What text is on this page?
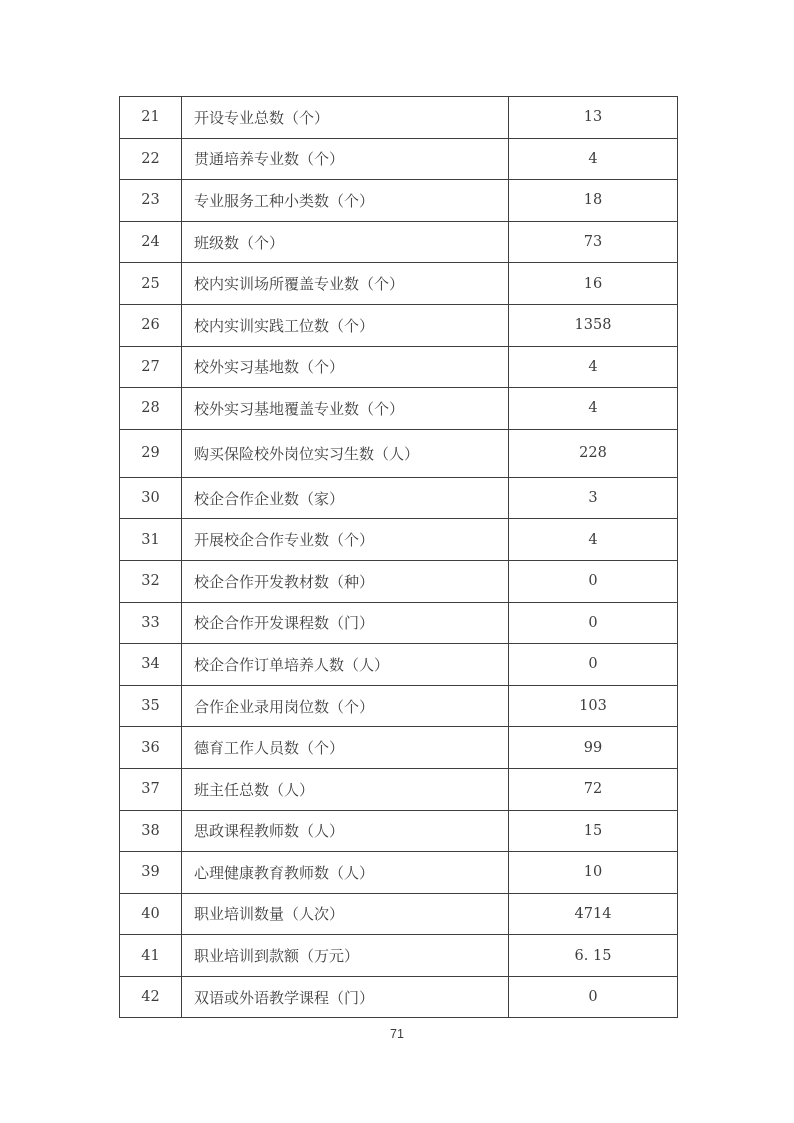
21	开设专业总数（个）	13
22	贯通培养专业数（个）	4
23	专业服务工种小类数（个）	18
24	班级数（个）	73
25	校内实训场所覆盖专业数（个）	16
26	校内实训实践工位数（个）	1358
27	校外实习基地数（个）	4
28	校外实习基地覆盖专业数（个）	4
29	购买保险校外岗位实习生数（人）	228
30	校企合作企业数（家）	3
31	开展校企合作专业数（个）	4
32	校企合作开发教材数（种）	0
33	校企合作开发课程数（门）	0
34	校企合作订单培养人数（人）	0
35	合作企业录用岗位数（个）	103
36	德育工作人员数（个）	99
37	班主任总数（人）	72
38	思政课程教师数（人）	15
39	心理健康教育教师数（人）	10
40	职业培训数量（人次）	4714
41	职业培训到款额（万元）	6. 15
42	双语或外语教学课程（门）	0
71
